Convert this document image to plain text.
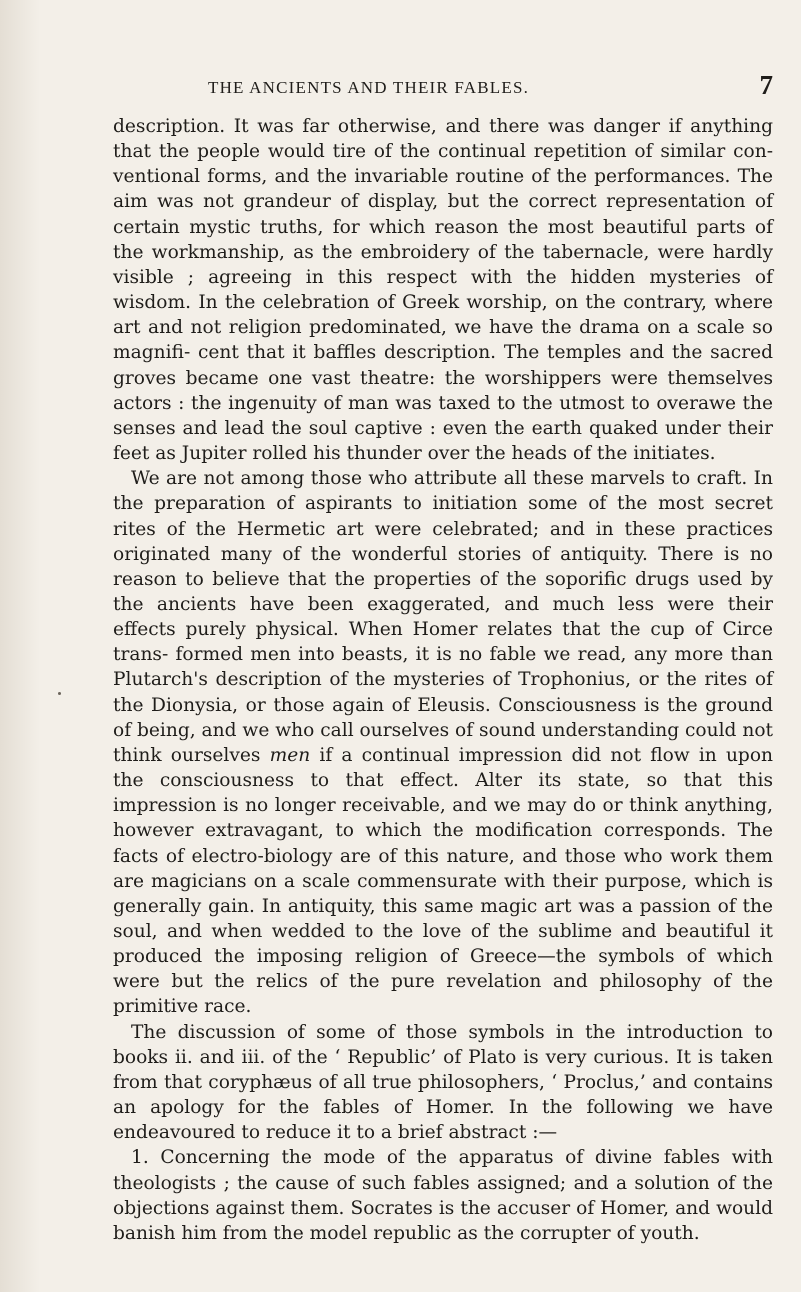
THE ANCIENTS AND THEIR FABLES.	7

description. It was far otherwise, and there was danger if anything that the people would tire of the continual repetition of similar con- ventional forms, and the invariable routine of the performances. The aim was not grandeur of display, but the correct representation of certain mystic truths, for which reason the most beautiful parts of the workmanship, as the embroidery of the tabernacle, were hardly visible ; agreeing in this respect with the hidden mysteries of wisdom. In the celebration of Greek worship, on the contrary, where art and not religion predominated, we have the drama on a scale so magnifi- cent that it baffles description. The temples and the sacred groves became one vast theatre: the worshippers were themselves actors : the ingenuity of man was taxed to the utmost to overawe the senses and lead the soul captive : even the earth quaked under their feet as Jupiter rolled his thunder over the heads of the initiates.

We are not among those who attribute all these marvels to craft. In the preparation of aspirants to initiation some of the most secret rites of the Hermetic art were celebrated; and in these practices originated many of the wonderful stories of antiquity. There is no reason to believe that the properties of the soporific drugs used by the ancients have been exaggerated, and much less were their effects purely physical. When Homer relates that the cup of Circe trans- formed men into beasts, it is no fable we read, any more than Plutarch's description of the mysteries of Trophonius, or the rites of the Dionysia, or those again of Eleusis. Consciousness is the ground of being, and we who call ourselves of sound understanding could not think ourselves men if a continual impression did not flow in upon the consciousness to that effect. Alter its state, so that this impression is no longer receivable, and we may do or think anything, however extravagant, to which the modification corresponds. The facts of electro-biology are of this nature, and those who work them are magicians on a scale commensurate with their purpose, which is generally gain. In antiquity, this same magic art was a passion of the soul, and when wedded to the love of the sublime and beautiful it produced the imposing religion of Greece—the symbols of which were but the relics of the pure revelation and philosophy of the primitive race.

The discussion of some of those symbols in the introduction to books ii. and iii. of the ‘ Republic’ of Plato is very curious. It is taken from that coryphæus of all true philosophers, ‘ Proclus,’ and contains an apology for the fables of Homer. In the following we have endeavoured to reduce it to a brief abstract :—

1. Concerning the mode of the apparatus of divine fables with theologists ; the cause of such fables assigned; and a solution of the objections against them. Socrates is the accuser of Homer, and would banish him from the model republic as the corrupter of youth.
